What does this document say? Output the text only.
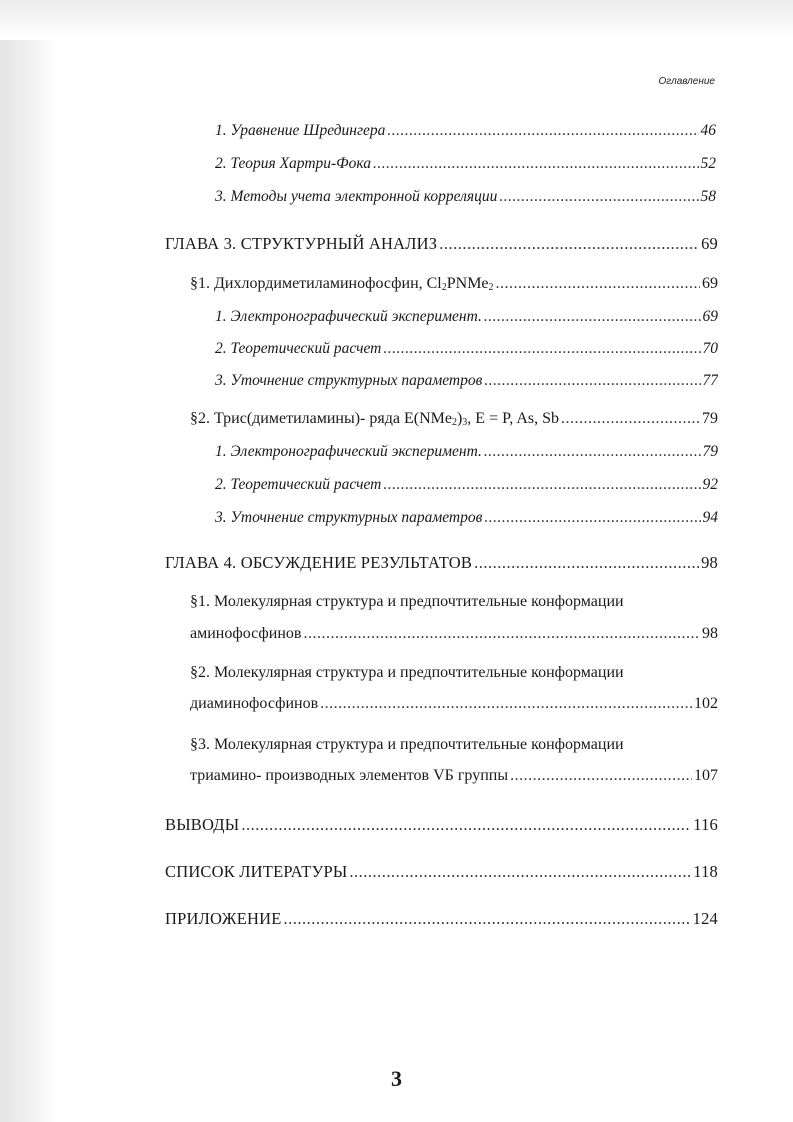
Оглавление
1. Уравнение Шредингера .....	46
2. Теория Хартри-Фока .....	52
3. Методы учета электронной корреляции .....	58
ГЛАВА 3. СТРУКТУРНЫЙ АНАЛИЗ .....	69
§1. Дихлордиметиламинофосфин, $Cl_2PNMe_2$ .....	69
1. Электронографический эксперимент. .....	69
2. Теоретический расчет .....	70
3. Уточнение структурных параметров .....	77
§2. Трис(диметиламины)- ряда $E(NMe_2)_3$, E = P, As, Sb .....	79
1. Электронографический эксперимент. .....	79
2. Теоретический расчет .....	92
3. Уточнение структурных параметров .....	94
ГЛАВА 4. ОБСУЖДЕНИЕ РЕЗУЛЬТАТОВ .....	98
§1. Молекулярная структура и предпочтительные конформации
аминофосфинов .....	98
§2. Молекулярная структура и предпочтительные конформации
диаминофосфинов .....	102
§3. Молекулярная структура и предпочтительные конформации
триамино- производных элементов VБ группы .....	107
ВЫВОДЫ .....	116
СПИСОК ЛИТЕРАТУРЫ .....	118
ПРИЛОЖЕНИЕ .....	124
3
